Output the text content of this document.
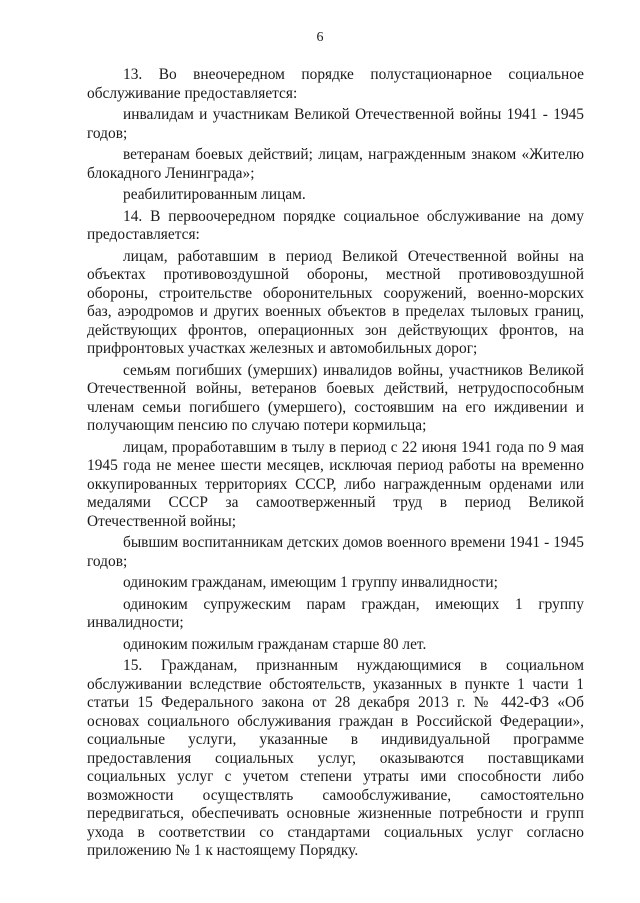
6

13. Во внеочередном порядке полустационарное социальное обслуживание предоставляется:

инвалидам и участникам Великой Отечественной войны 1941 - 1945 годов;

ветеранам боевых действий; лицам, награжденным знаком «Жителю блокадного Ленинграда»;

реабилитированным лицам.

14. В первоочередном порядке социальное обслуживание на дому предоставляется:

лицам, работавшим в период Великой Отечественной войны на объектах противовоздушной обороны, местной противовоздушной обороны, строительстве оборонительных сооружений, военно-морских баз, аэродромов и других военных объектов в пределах тыловых границ, действующих фронтов, операционных зон действующих фронтов, на прифронтовых участках железных и автомобильных дорог;

семьям погибших (умерших) инвалидов войны, участников Великой Отечественной войны, ветеранов боевых действий, нетрудоспособным членам семьи погибшего (умершего), состоявшим на его иждивении и получающим пенсию по случаю потери кормильца;

лицам, проработавшим в тылу в период с 22 июня 1941 года по 9 мая 1945 года не менее шести месяцев, исключая период работы на временно оккупированных территориях СССР, либо награжденным орденами или медалями СССР за самоотверженный труд в период Великой Отечественной войны;

бывшим воспитанникам детских домов военного времени 1941 - 1945 годов;

одиноким гражданам, имеющим 1 группу инвалидности;

одиноким супружеским парам граждан, имеющих 1 группу инвалидности;

одиноким пожилым гражданам старше 80 лет.

15. Гражданам, признанным нуждающимися в социальном обслуживании вследствие обстоятельств, указанных в пункте 1 части 1 статьи 15 Федерального закона от 28 декабря 2013 г. № 442-ФЗ «Об основах социального обслуживания граждан в Российской Федерации», социальные услуги, указанные в индивидуальной программе предоставления социальных услуг, оказываются поставщиками социальных услуг с учетом степени утраты ими способности либо возможности осуществлять самообслуживание, самостоятельно передвигаться, обеспечивать основные жизненные потребности и групп ухода в соответствии со стандартами социальных услуг согласно приложению № 1 к настоящему Порядку.
